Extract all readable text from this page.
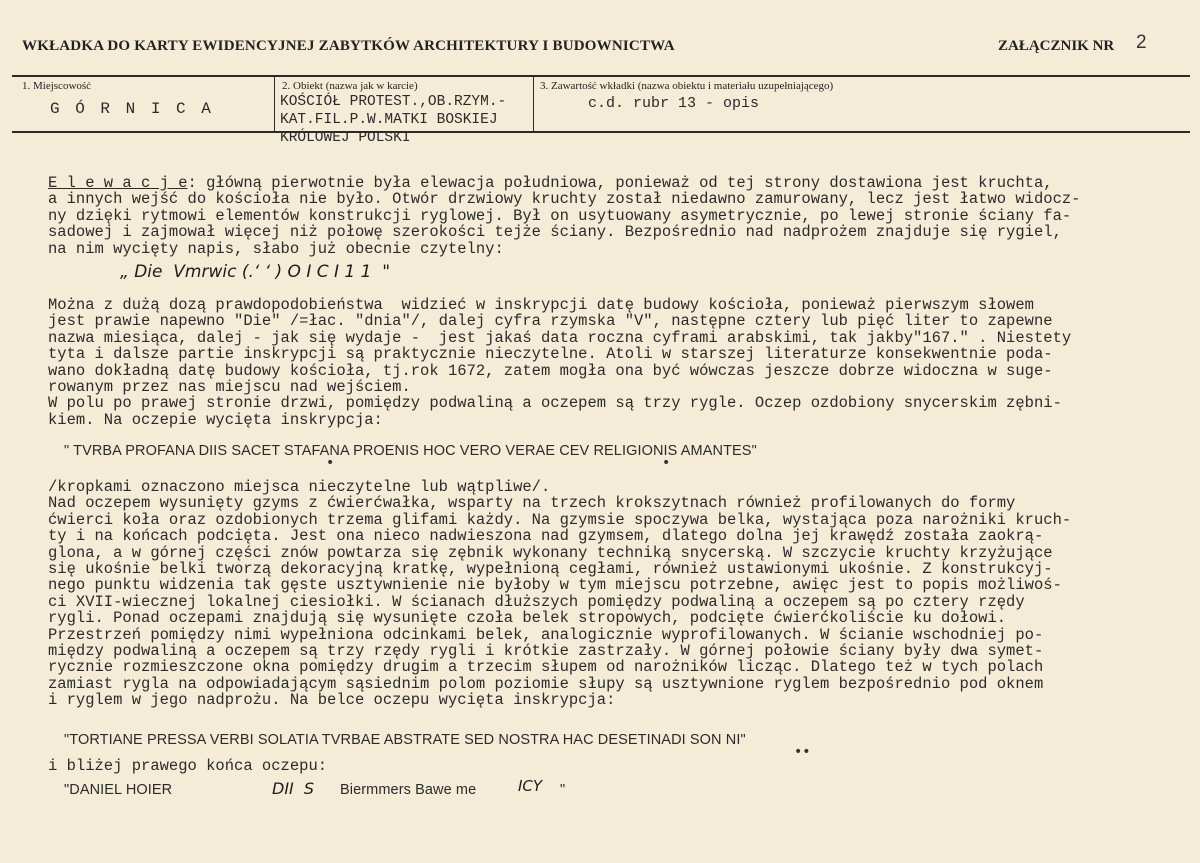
WKŁADKA DO KARTY EWIDENCYJNEJ ZABYTKÓW ARCHITEKTURY I BUDOWNICTWA	ZAŁĄCZNIK NR 2
1. Miejscowość
G Ó R N I C A
2. Obiekt (nazwa jak w karcie)
KOŚCIÓŁ PROTEST.,OB.RZYM.-
KAT.FIL.P.W.MATKI BOSKIEJ
KRÓLOWEJ POLSKI
3. Zawartość wkładki (nazwa obiektu i materiału uzupełniającego)
c.d. rubr 13 - opis
E l e w a c j e: główną pierwotnie była elewacja południowa, ponieważ od tej strony dostawiona jest kruchta,
a innych wejść do kościoła nie było. Otwór drzwiowy kruchty został niedawno zamurowany, lecz jest łatwo widocz-
ny dzięki rytmowi elementów konstrukcji ryglowej. Był on usytuowany asymetrycznie, po lewej stronie ściany fa-
sadowej i zajmował więcej niż połowę szerokości tejże ściany. Bezpośrednio nad nadprożem znajduje się rygiel,
na nim wycięty napis, słabo już obecnie czytelny:
„ Die  Vmrwic (.‘ ‘ ) O I C I 1 1  "
Można z dużą dozą prawdopodobieństwa  widzieć w inskrypcji datę budowy kościoła, ponieważ pierwszym słowem
jest prawie napewno "Die" /=łac. "dnia"/, dalej cyfra rzymska "V", następne cztery lub pięć liter to zapewne
nazwa miesiąca, dalej - jak się wydaje -  jest jakaś data roczna cyframi arabskimi, tak jakby"167." . Niestety
tyta i dalsze partie inskrypcji są praktycznie nieczytelne. Atoli w starszej literaturze konsekwentnie poda-
wano dokładną datę budowy kościoła, tj.rok 1672, zatem mogła ona być wówczas jeszcze dobrze widoczna w suge-
rowanym przez nas miejscu nad wejściem.
W polu po prawej stronie drzwi, pomiędzy podwaliną a oczepem są trzy rygle. Oczep ozdobiony snycerskim zębni-
kiem. Na oczepie wycięta inskrypcja:
" TVRBA PROFANA DIIS SACET STAFANA PROENIS HOC VERO VERAE CEV RELIGIONIS AMANTES"
•	•
/kropkami oznaczono miejsca nieczytelne lub wątpliwe/.
Nad oczepem wysunięty gzyms z ćwierćwałka, wsparty na trzech krokszytnach również profilowanych do formy
ćwierci koła oraz ozdobionych trzema glifami każdy. Na gzymsie spoczywa belka, wystająca poza narożniki kruch-
ty i na końcach podcięta. Jest ona nieco nadwieszona nad gzymsem, dlatego dolna jej krawędź została zaokrą-
glona, a w górnej części znów powtarza się zębnik wykonany techniką snycerską. W szczycie kruchty krzyżujące
się ukośnie belki tworzą dekoracyjną kratkę, wypełnioną cegłami, również ustawionymi ukośnie. Z konstrukcyj-
nego punktu widzenia tak gęste usztywnienie nie byłoby w tym miejscu potrzebne, awięc jest to popis możliwoś-
ci XVII-wiecznej lokalnej ciesiołki. W ścianach dłuższych pomiędzy podwaliną a oczepem są po cztery rzędy
rygli. Ponad oczepami znajdują się wysunięte czoła belek stropowych, podcięte ćwierćkoliście ku dołowi.
Przestrzeń pomiędzy nimi wypełniona odcinkami belek, analogicznie wyprofilowanych. W ścianie wschodniej po-
między podwaliną a oczepem są trzy rzędy rygli i krótkie zastrzały. W górnej połowie ściany były dwa symet-
rycznie rozmieszczone okna pomiędzy drugim a trzecim słupem od narożników licząc. Dlatego też w tych polach
zamiast rygla na odpowiadającym sąsiednim polom poziomie słupy są usztywnione ryglem bezpośrednio pod oknem
i ryglem w jego nadprożu. Na belce oczepu wycięta inskrypcja:
"TORTIANE PRESSA VERBI SOLATIA TVRBAE ABSTRATE SED NOSTRA HAC DESETINADI SON NI"
••
i bliżej prawego końca oczepu:
"DANIEL HOIER	DII  S Biermmers Bawe me	ICY "
